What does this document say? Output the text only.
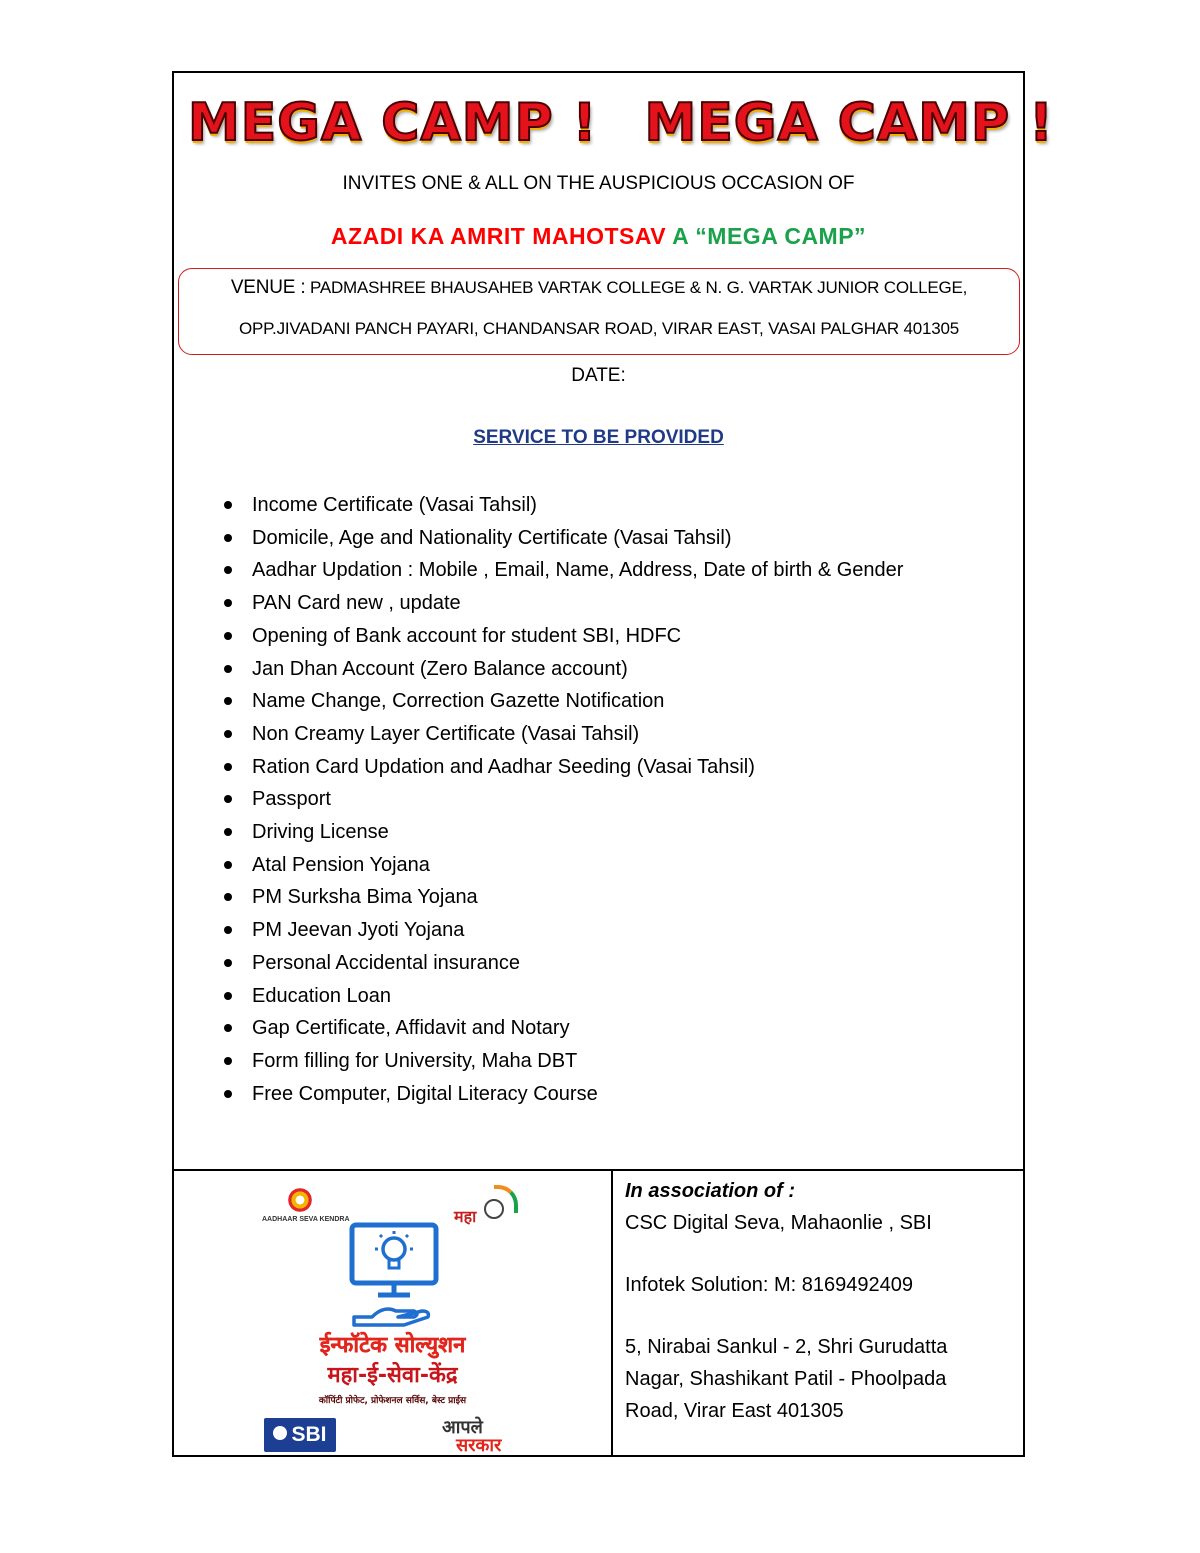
MEGA CAMP ! MEGA CAMP !
INVITES ONE & ALL ON THE AUSPICIOUS OCCASION OF
AZADI KA AMRIT MAHOTSAV A “MEGA CAMP”
VENUE : PADMASHREE BHAUSAHEB VARTAK COLLEGE & N. G. VARTAK JUNIOR COLLEGE,
OPP.JIVADANI PANCH PAYARI, CHANDANSAR ROAD, VIRAR EAST, VASAI PALGHAR 401305
DATE:
SERVICE TO BE PROVIDED
Income Certificate (Vasai Tahsil)
Domicile, Age and Nationality Certificate (Vasai Tahsil)
Aadhar Updation : Mobile , Email, Name, Address, Date of birth & Gender
PAN Card new , update
Opening of Bank account for student SBI, HDFC
Jan Dhan Account (Zero Balance account)
Name Change, Correction Gazette Notification
Non Creamy Layer Certificate (Vasai Tahsil)
Ration Card Updation and Aadhar Seeding (Vasai Tahsil)
Passport
Driving License
Atal Pension Yojana
PM Surksha Bima Yojana
PM Jeevan Jyoti Yojana
Personal Accidental insurance
Education Loan
Gap Certificate, Affidavit and Notary
Form filling for University, Maha DBT
Free Computer, Digital Literacy Course
AADHAAR SEVA KENDRA	महा
ईन्फॉटेक सोल्युशन
महा-ई-सेवा-केंद्र
कॉपिंटी प्रोफेट, प्रोफेशनल सर्विस, बेस्ट प्राईस
SBI	आपले
सरकार
In association of :
CSC Digital Seva, Mahaonlie , SBI
Infotek Solution: M: 8169492409
5, Nirabai Sankul - 2, Shri Gurudatta
Nagar, Shashikant Patil - Phoolpada
Road, Virar East 401305
